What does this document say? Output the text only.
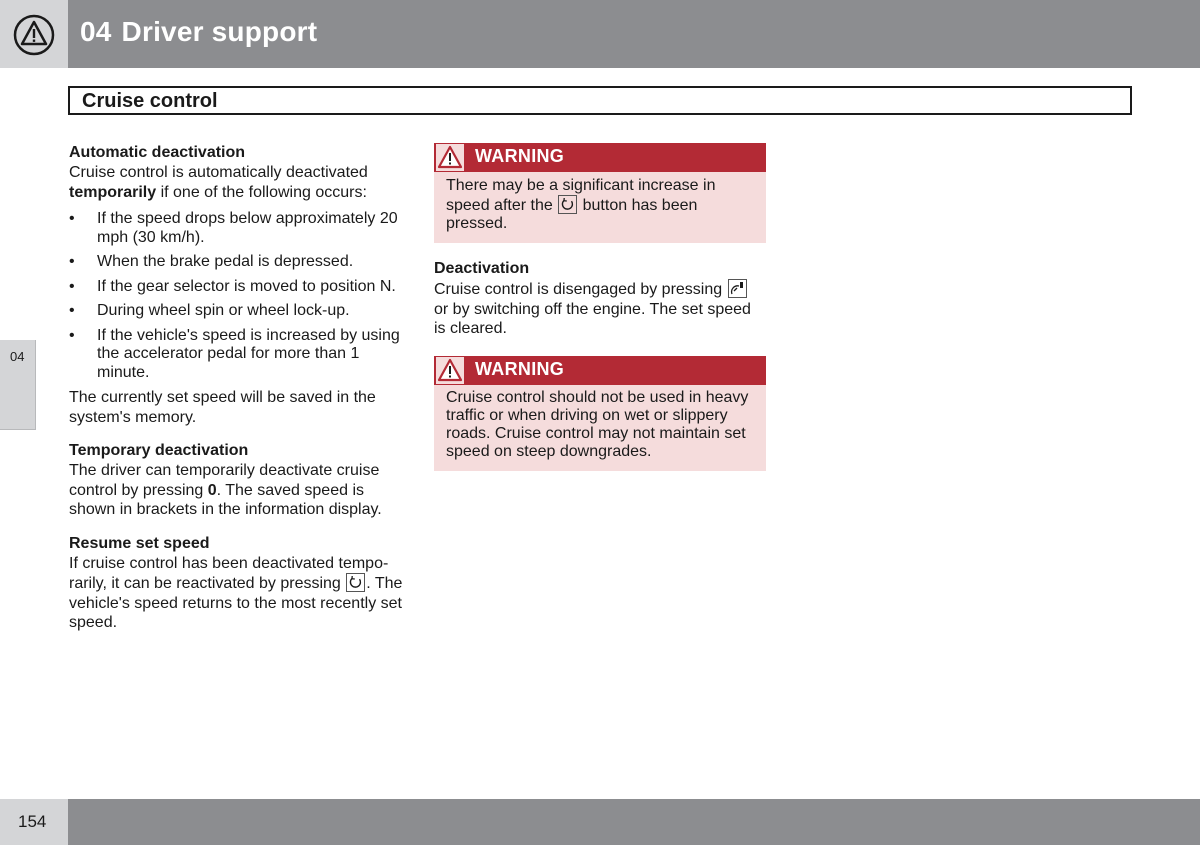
04 Driver support
Cruise control
04
Automatic deactivation

Cruise control is automatically deactivated temporarily if one of the following occurs:

• If the speed drops below approximately 20 mph (30 km/h).
• When the brake pedal is depressed.
• If the gear selector is moved to position N.
• During wheel spin or wheel lock-up.
• If the vehicle's speed is increased by using the accelerator pedal for more than 1 minute.

The currently set speed will be saved in the system's memory.

Temporary deactivation

The driver can temporarily deactivate cruise control by pressing 0. The saved speed is shown in brackets in the information display.

Resume set speed

If cruise control has been deactivated tempo-rarily, it can be reactivated by pressing
. The vehicle's speed returns to the most recently set speed.

WARNING
There may be a significant increase in speed after the
button has been pressed.
Deactivation

Cruise control is disengaged by pressing
or by switching off the engine. The set speed is cleared.

WARNING
Cruise control should not be used in heavy traffic or when driving on wet or slippery roads. Cruise control may not maintain set speed on steep downgrades.
154
